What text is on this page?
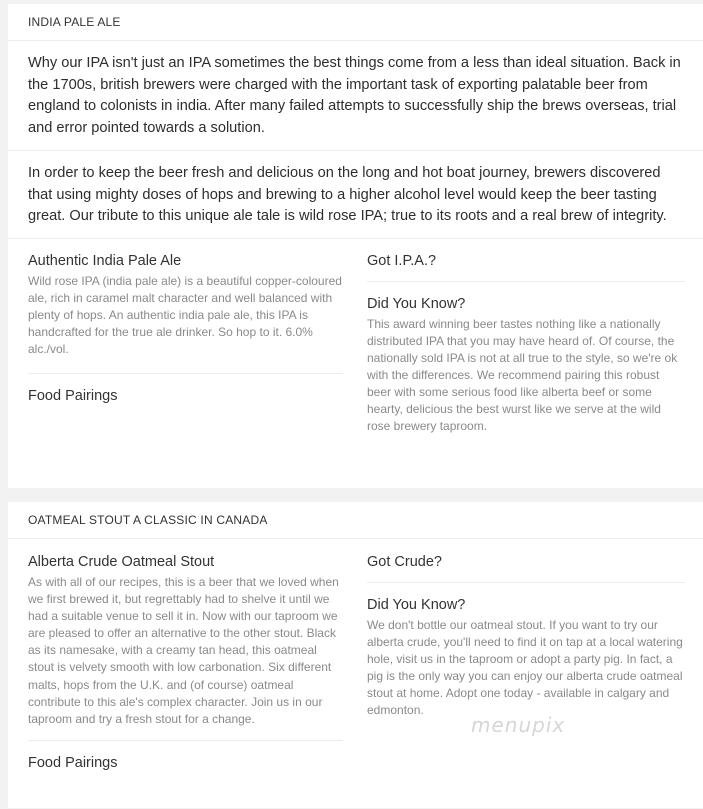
INDIA PALE ALE
Why our IPA isn't just an IPA sometimes the best things come from a less than ideal situation. Back in the 1700s, british brewers were charged with the important task of exporting palatable beer from england to colonists in india. After many failed attempts to successfully ship the brews overseas, trial and error pointed towards a solution.
In order to keep the beer fresh and delicious on the long and hot boat journey, brewers discovered that using mighty doses of hops and brewing to a higher alcohol level would keep the beer tasting great. Our tribute to this unique ale tale is wild rose IPA; true to its roots and a real brew of integrity.

Authentic India Pale Ale

Wild rose IPA (india pale ale) is a beautiful copper-coloured ale, rich in caramel malt character and well balanced with plenty of hops. An authentic india pale ale, this IPA is handcrafted for the true ale drinker. So hop to it. 6.0% alc./vol.

Food Pairings

Got I.P.A.?

Did You Know?

This award winning beer tastes nothing like a nationally distributed IPA that you may have heard of. Of course, the nationally sold IPA is not at all true to the style, so we're ok with the differences. We recommend pairing this robust beer with some serious food like alberta beef or some hearty, delicious the best wurst like we serve at the wild rose brewery taproom.

OATMEAL STOUT A CLASSIC IN CANADA

Alberta Crude Oatmeal Stout

As with all of our recipes, this is a beer that we loved when we first brewed it, but regrettably had to shelve it until we had a suitable venue to sell it in. Now with our taproom we are pleased to offer an alternative to the other stout. Black as its namesake, with a creamy tan head, this oatmeal stout is velvety smooth with low carbonation. Six different malts, hops from the U.K. and (of course) oatmeal contribute to this ale's complex character. Join us in our taproom and try a fresh stout for a change.

Food Pairings

Got Crude?

Did You Know?

We don't bottle our oatmeal stout. If you want to try our alberta crude, you'll need to find it on tap at a local watering hole, visit us in the taproom or adopt a party pig. In fact, a pig is the only way you can enjoy our alberta crude oatmeal stout at home. Adopt one today - available in calgary and edmonton.

menupix
